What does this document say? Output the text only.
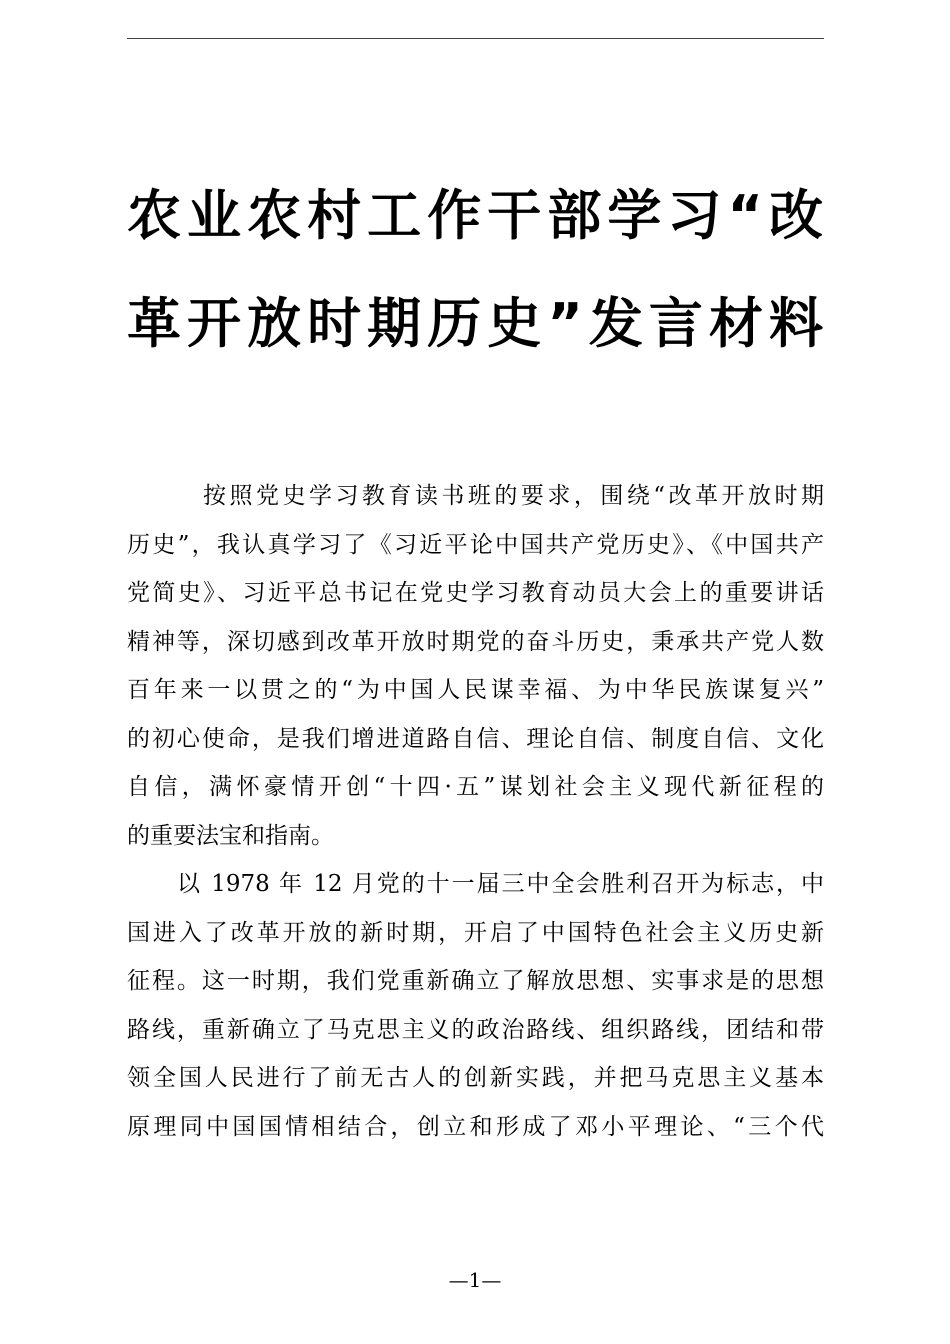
农业农村工作干部学习“改
革开放时期历史”发言材料

按照党史学习教育读书班的要求，围绕“改革开放时期
历史”，我认真学习了《习近平论中国共产党历史》、《中国共产
党简史》、习近平总书记在党史学习教育动员大会上的重要讲话
精神等，深切感到改革开放时期党的奋斗历史，秉承共产党人数
百年来一以贯之的“为中国人民谋幸福、为中华民族谋复兴”
的初心使命，是我们增进道路自信、理论自信、制度自信、文化
自信，满怀豪情开创“十四·五”谋划社会主义现代新征程的
的重要法宝和指南。

以 1978 年 12 月党的十一届三中全会胜利召开为标志，中
国进入了改革开放的新时期，开启了中国特色社会主义历史新
征程。这一时期，我们党重新确立了解放思想、实事求是的思想
路线，重新确立了马克思主义的政治路线、组织路线，团结和带
领全国人民进行了前无古人的创新实践，并把马克思主义基本
原理同中国国情相结合，创立和形成了邓小平理论、“三个代

—1—
